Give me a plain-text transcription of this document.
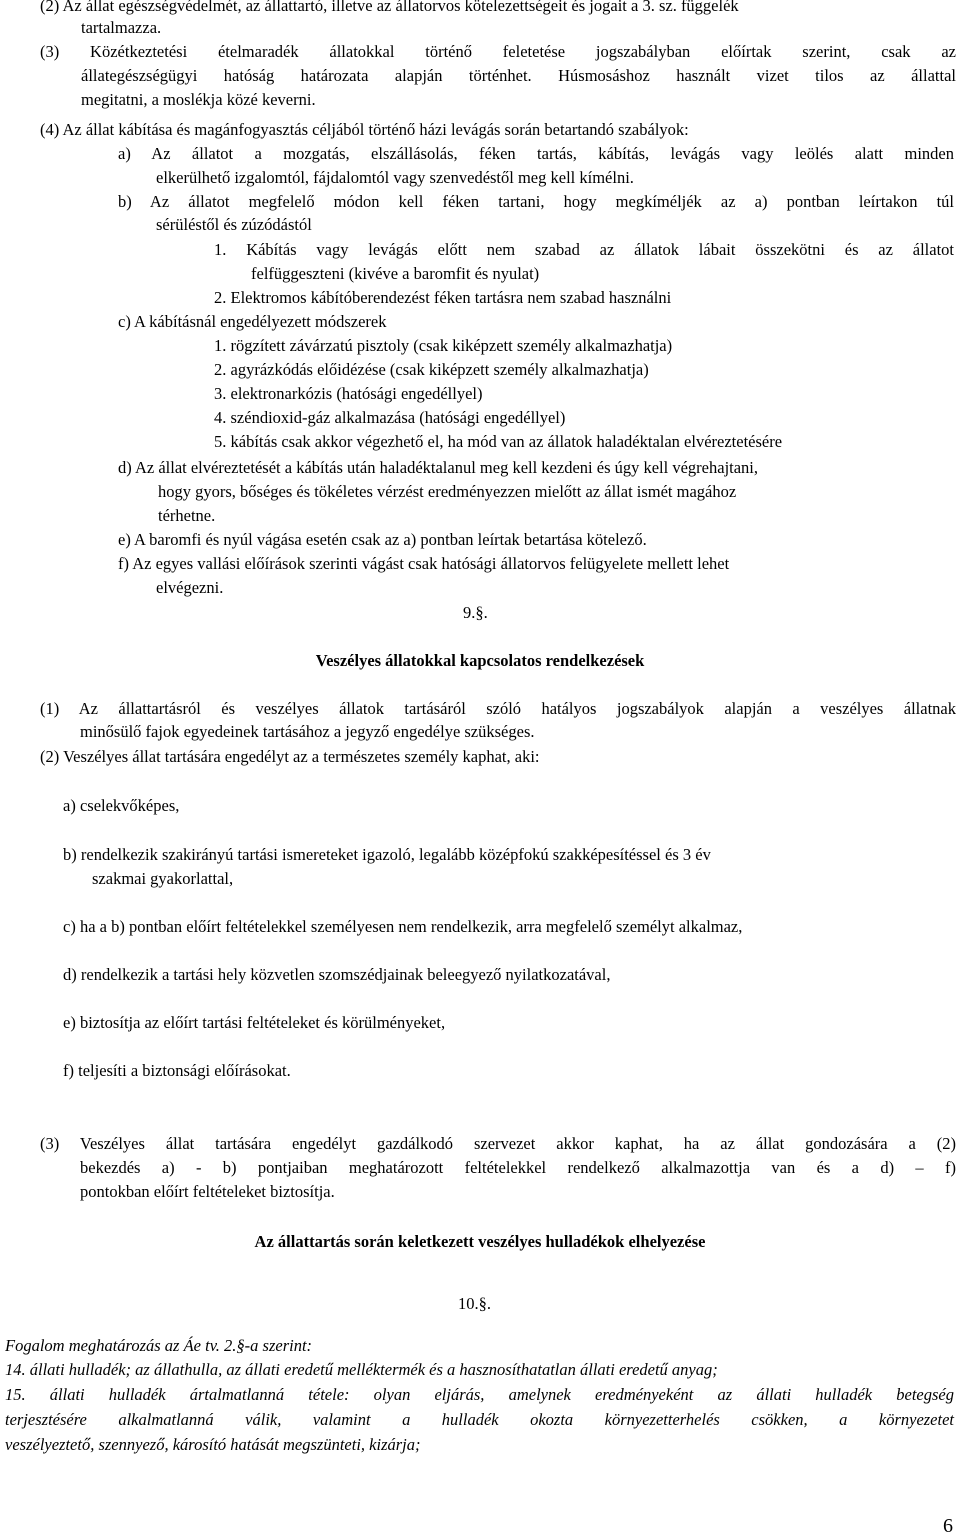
(2) Az állat egészségvédelmét, az állattartó, illetve az állatorvos kötelezettségeit és jogait a 3. sz. függelék
tartalmazza.
(3) Közétkeztetési ételmaradék állatokkal történő feletetése jogszabályban előírtak szerint, csak az
állategészségügyi hatóság határozata alapján történhet. Húsmosáshoz használt vizet tilos az állattal
megitatni, a moslékja közé keverni.
(4) Az állat kábítása és magánfogyasztás céljából történő házi levágás során betartandó szabályok:
a) Az állatot a mozgatás, elszállásolás, féken tartás, kábítás, levágás vagy leölés alatt minden
elkerülhető izgalomtól, fájdalomtól vagy szenvedéstől meg kell kímélni.
b) Az állatot megfelelő módon kell féken tartani, hogy megkíméljék az a) pontban leírtakon túl
sérüléstől és zúzódástól
1. Kábítás vagy levágás előtt nem szabad az állatok lábait összekötni és az állatot
felfüggeszteni (kivéve a baromfit és nyulat)
2. Elektromos kábítóberendezést féken tartásra nem szabad használni
c) A kábításnál engedélyezett módszerek
1. rögzített závárzatú pisztoly (csak kiképzett személy alkalmazhatja)
2. agyrázkódás előidézése (csak kiképzett személy alkalmazhatja)
3. elektronarkózis (hatósági engedéllyel)
4. széndioxid-gáz alkalmazása (hatósági engedéllyel)
5. kábítás csak akkor végezhető el, ha mód van az állatok haladéktalan elvéreztetésére
d) Az állat elvéreztetését a kábítás után haladéktalanul meg kell kezdeni és úgy kell végrehajtani,
hogy gyors, bőséges és tökéletes vérzést eredményezzen mielőtt az állat ismét magához
térhetne.
e) A baromfi és nyúl vágása esetén csak az a) pontban leírtak betartása kötelező.
f) Az egyes vallási előírások szerinti vágást csak hatósági állatorvos felügyelete mellett lehet
elvégezni.
9.§.
Veszélyes állatokkal kapcsolatos rendelkezések
(1) Az állattartásról és veszélyes állatok tartásáról szóló hatályos jogszabályok alapján a veszélyes állatnak
minősülő fajok egyedeinek tartásához a jegyző engedélye szükséges.
(2) Veszélyes állat tartására engedélyt az a természetes személy kaphat, aki:
a) cselekvőképes,
b) rendelkezik szakirányú tartási ismereteket igazoló, legalább középfokú szakképesítéssel és 3 év
szakmai gyakorlattal,
c) ha a b) pontban előírt feltételekkel személyesen nem rendelkezik, arra megfelelő személyt alkalmaz,
d) rendelkezik a tartási hely közvetlen szomszédjainak beleegyező nyilatkozatával,
e) biztosítja az előírt tartási feltételeket és körülményeket,
f) teljesíti a biztonsági előírásokat.
(3) Veszélyes állat tartására engedélyt gazdálkodó szervezet akkor kaphat, ha az állat gondozására a (2)
bekezdés a) - b) pontjaiban meghatározott feltételekkel rendelkező alkalmazottja van és a d) – f)
pontokban előírt feltételeket biztosítja.
Az állattartás során keletkezett veszélyes hulladékok elhelyezése
10.§.
Fogalom meghatározás az Áe tv. 2.§-a szerint:
14. állati hulladék; az állathulla, az állati eredetű melléktermék és a hasznosíthatatlan állati eredetű anyag;
15. állati hulladék ártalmatlanná tétele: olyan eljárás, amelynek eredményeként az állati hulladék betegség
terjesztésére alkalmatlanná válik, valamint a hulladék okozta környezetterhelés csökken, a környezetet
veszélyeztető, szennyező, károsító hatását megszünteti, kizárja;
6
